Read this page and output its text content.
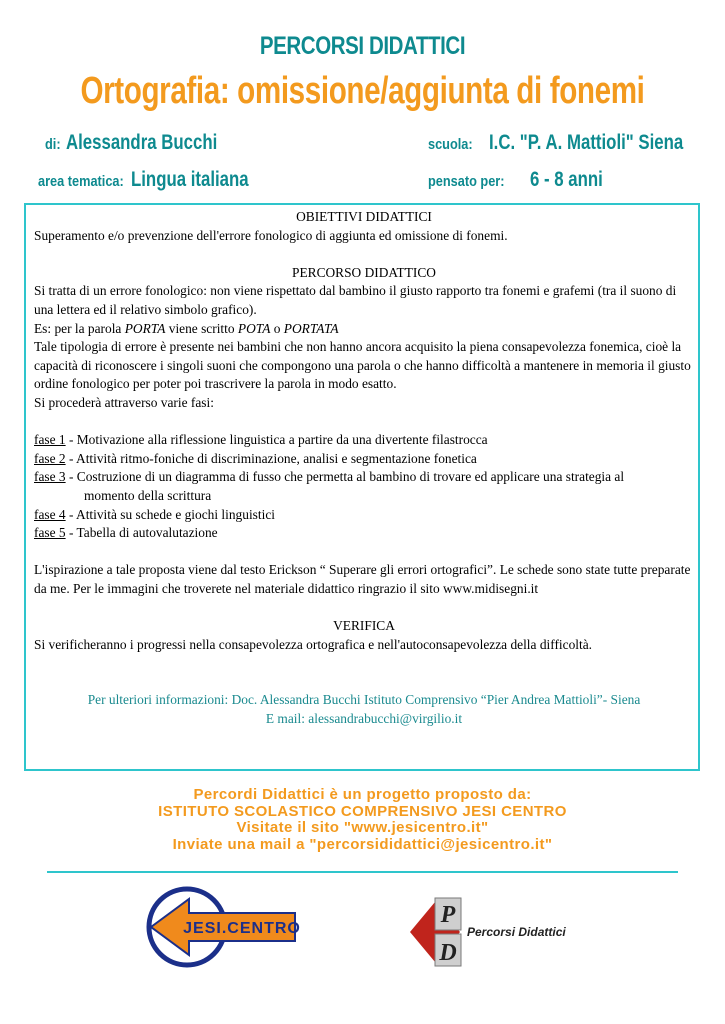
PERCORSI DIDATTICI
Ortografia: omissione/aggiunta di fonemi
di: Alessandra Bucchi	scuola: I.C. "P. A. Mattioli" Siena
area tematica: Lingua italiana	pensato per: 6 - 8 anni

OBIETTIVI DIDATTICI

Superamento e/o prevenzione dell'errore fonologico di aggiunta ed omissione di fonemi.

PERCORSO DIDATTICO

Si tratta di un errore fonologico: non viene rispettato dal bambino il giusto rapporto tra fonemi e grafemi (tra il suono di una lettera ed il relativo simbolo grafico).

Es: per la parola PORTA viene scritto POTA o PORTATA

Tale tipologia di errore è presente nei bambini che non hanno ancora acquisito la piena consapevolezza fonemica, cioè la capacità di riconoscere i singoli suoni che compongono una parola o che hanno difficoltà a mantenere in memoria il giusto ordine fonologico per poter poi trascrivere la parola in modo esatto.

Si procederà attraverso varie fasi:

fase 1 - Motivazione alla riflessione linguistica a partire da una divertente filastrocca

fase 2 - Attività ritmo-foniche di discriminazione, analisi e segmentazione fonetica

fase 3 - Costruzione di un diagramma di fusso che permetta al bambino di trovare ed applicare una strategia al

momento della scrittura

fase 4 - Attività su schede e giochi linguistici

fase 5 - Tabella di autovalutazione

L'ispirazione a tale proposta viene dal testo Erickson “ Superare gli errori ortografici”. Le schede sono state tutte preparate da me. Per le immagini che troverete nel materiale didattico ringrazio il sito www.midisegni.it

VERIFICA

Si verificheranno i progressi nella consapevolezza ortografica e nell'autoconsapevolezza della difficoltà.

Per ulteriori informazioni: Doc. Alessandra Bucchi Istituto Comprensivo “Pier Andrea Mattioli”- Siena

E mail: alessandrabucchi@virgilio.it

Percordi Didattici è un progetto proposto da:
ISTITUTO SCOLASTICO COMPRENSIVO JESI CENTRO
Visitate il sito "www.jesicentro.it"
Inviate una mail a "percorsididattici@jesicentro.it"
JESI.CENTRO
P
D
Percorsi Didattici
